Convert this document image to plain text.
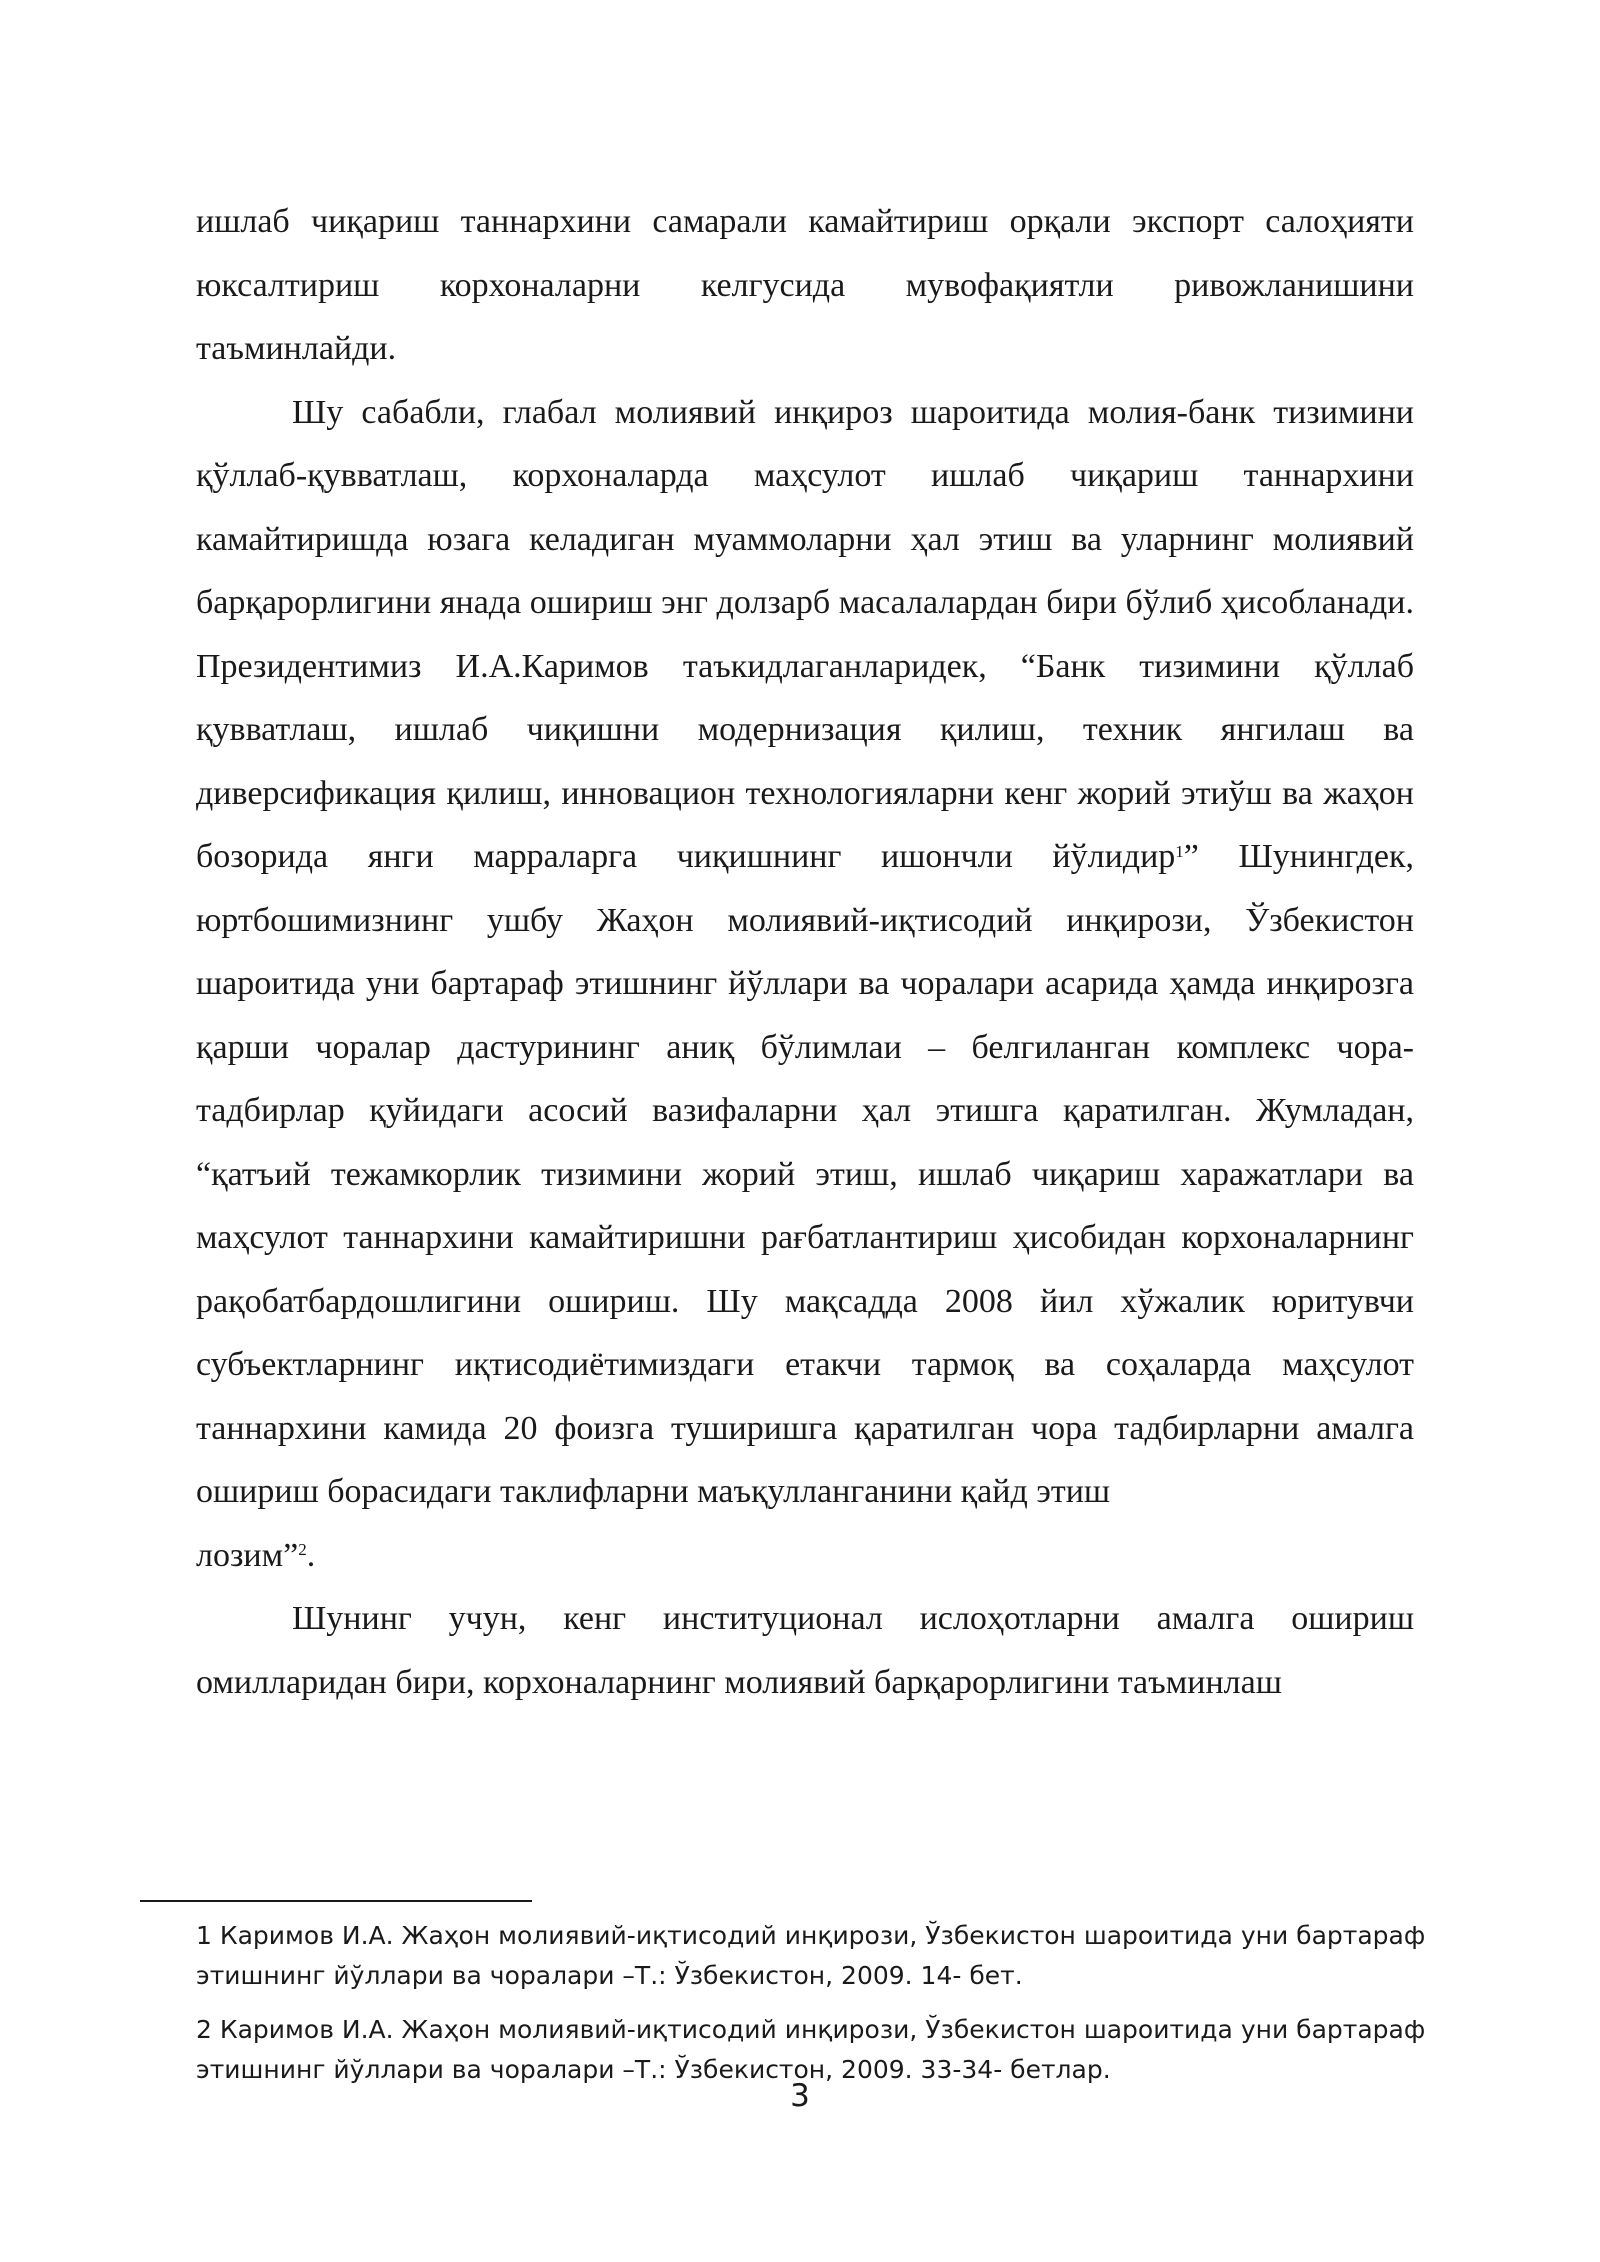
ишлаб чиқариш таннархини самарали камайтириш орқали экспорт салоҳияти юксалтириш корхоналарни келгусида мувофақиятли ривожланишини таъминлайди.

Шу сабабли, глабал молиявий инқироз шароитида молия-банк тизимини қўллаб-қувватлаш, корхоналарда маҳсулот ишлаб чиқариш таннархини камайтиришда юзага келадиган муаммоларни ҳал этиш ва уларнинг молиявий барқарорлигини янада ошириш энг долзарб масалалардан бири бўлиб ҳисобланади. Президентимиз И.А.Каримов таъкидлаганларидек, “Банк тизимини қўллаб қувватлаш, ишлаб чиқишни модернизация қилиш, техник янгилаш ва диверсификация қилиш, инновацион технологияларни кенг жорий этиўш ва жаҳон бозорида янги марраларга чиқишнинг ишончли йўлидир$^1$” Шунингдек, юртбошимизнинг ушбу Жаҳон молиявий-иқтисодий инқирози, Ўзбекистон шароитида уни бартараф этишнинг йўллари ва чоралари асарида ҳамда инқирозга қарши чоралар дастурининг аниқ бўлимлаи – белгиланган комплекс чора-тадбирлар қуйидаги асосий вазифаларни ҳал этишга қаратилган. Жумладан, “қатъий тежамкорлик тизимини жорий этиш, ишлаб чиқариш харажатлари ва маҳсулот таннархини камайтиришни рағбатлантириш ҳисобидан корхоналарнинг рақобатбардошлигини ошириш. Шу мақсадда 2008 йил хўжалик юритувчи субъектларнинг иқтисодиётимиздаги етакчи тармоқ ва соҳаларда маҳсулот таннархини камида 20 фоизга туширишга қаратилган чора тадбирларни амалга ошириш борасидаги таклифларни маъқулланганини қайд этиш
лозим”$^2$.

Шунинг учун, кенг институционал ислоҳотларни амалга ошириш омилларидан бири, корхоналарнинг молиявий барқарорлигини таъминлаш

1 Каримов И.А. Жаҳон молиявий-иқтисодий инқирози, Ўзбекистон шароитида уни бартараф этишнинг йўллари ва чоралари –Т.: Ўзбекистон, 2009. 14- бет.

2 Каримов И.А. Жаҳон молиявий-иқтисодий инқирози, Ўзбекистон шароитида уни бартараф этишнинг йўллари ва чоралари –Т.: Ўзбекистон, 2009. 33-34- бетлар.

3
